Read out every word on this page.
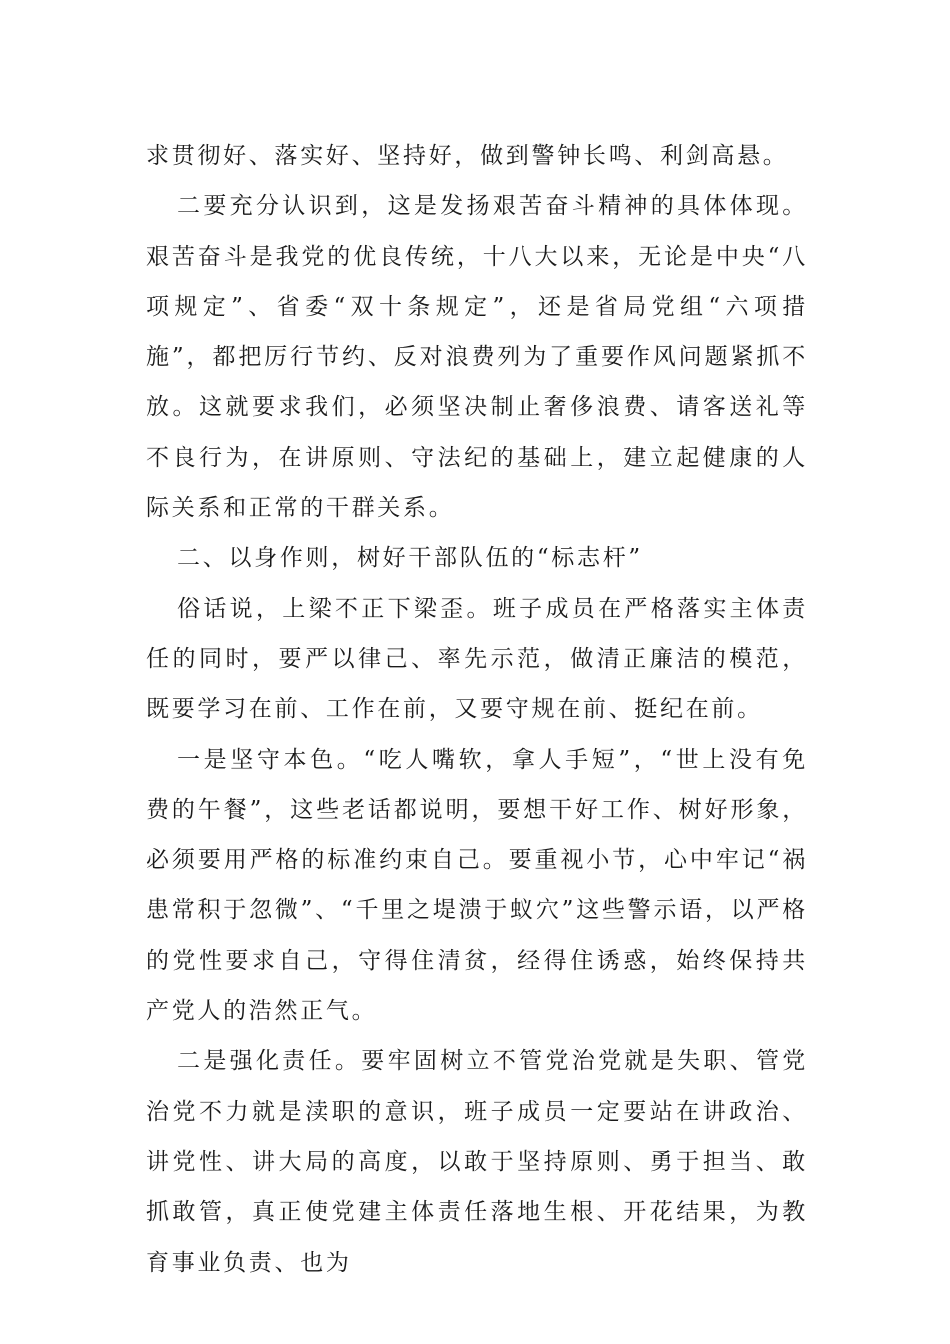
求贯彻好、落实好、坚持好，做到警钟长鸣、利剑高悬。

二要充分认识到，这是发扬艰苦奋斗精神的具体体现。艰苦奋斗是我党的优良传统，十八大以来，无论是中央“八项规定”、省委“双十条规定”，还是省局党组“六项措施”，都把厉行节约、反对浪费列为了重要作风问题紧抓不放。这就要求我们，必须坚决制止奢侈浪费、请客送礼等不良行为，在讲原则、守法纪的基础上，建立起健康的人际关系和正常的干群关系。

二、以身作则，树好干部队伍的“标志杆”

俗话说，上梁不正下梁歪。班子成员在严格落实主体责任的同时，要严以律己、率先示范，做清正廉洁的模范，既要学习在前、工作在前，又要守规在前、挺纪在前。

一是坚守本色。“吃人嘴软，拿人手短”，“世上没有免费的午餐”，这些老话都说明，要想干好工作、树好形象，必须要用严格的标准约束自己。要重视小节，心中牢记“祸患常积于忽微”、“千里之堤溃于蚁穴”这些警示语，以严格的党性要求自己，守得住清贫，经得住诱惑，始终保持共产党人的浩然正气。

二是强化责任。要牢固树立不管党治党就是失职、管党治党不力就是渎职的意识，班子成员一定要站在讲政治、讲党性、讲大局的高度，以敢于坚持原则、勇于担当、敢抓敢管，真正使党建主体责任落地生根、开花结果，为教育事业负责、也为
